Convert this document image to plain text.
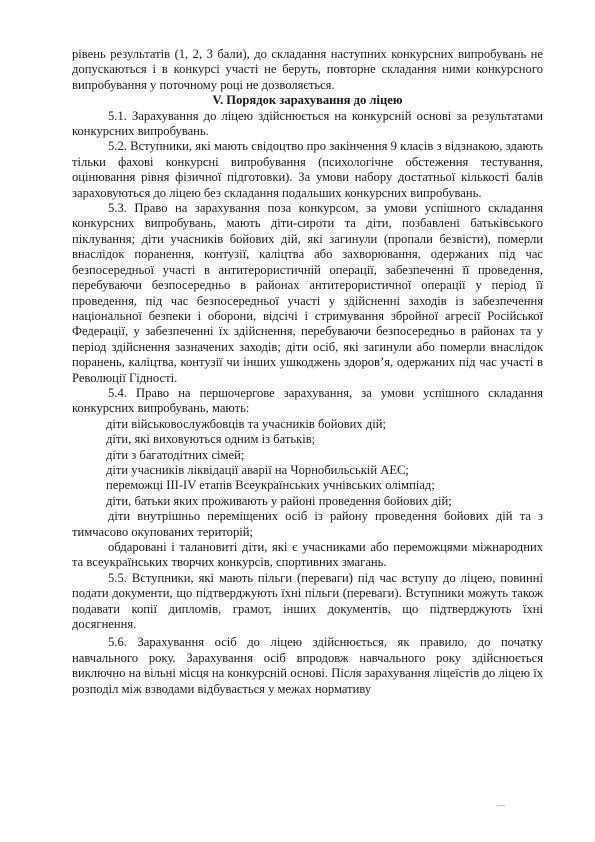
рівень результатів (1, 2, 3 бали), до складання наступних конкурсних випробувань не допускаються і в конкурсі участі не беруть, повторне складання ними конкурсного випробування у поточному році не дозволяється.

V. Порядок зарахування до ліцею

5.1. Зарахування до ліцею здійснюється на конкурсній основі за результатами конкурсних випробувань.

5.2. Вступники, які мають свідоцтво про закінчення 9 класів з відзнакою, здають тільки фахові конкурсні випробування (психологічне обстеження тестування, оцінювання рівня фізичної підготовки). За умови набору достатньої кількості балів зараховуються до ліцею без складання подальших конкурсних випробувань.

5.3. Право на зарахування поза конкурсом, за умови успішного складання конкурсних випробувань, мають діти-сироти та діти, позбавлені батьківського піклування; діти учасників бойових дій, які загинули (пропали безвісти), померли внаслідок поранення, контузії, каліцтва або захворювання, одержаних під час безпосередньої участі в антитерористичній операції, забезпеченні її проведення, перебуваючи безпосередньо в районах антитерористичної операції у період її проведення, під час безпосередньої участі у здійсненні заходів із забезпечення національної безпеки і оборони, відсічі і стримування збройної агресії Російської Федерації, у забезпеченні їх здійснення, перебуваючи безпосередньо в районах та у період здійснення зазначених заходів; діти осіб, які загинули або померли внаслідок поранень, каліцтва, контузії чи інших ушкоджень здоров’я, одержаних під час участі в Революції Гідності.

5.4. Право на першочергове зарахування, за умови успішного складання конкурсних випробувань, мають:

діти військовослужбовців та учасників бойових дій;

діти, які виховуються одним із батьків;

діти з багатодітних сімей;

діти учасників ліквідації аварії на Чорнобильській АЕС;

переможці III-IV етапів Всеукраїнських учнівських олімпіад;

діти, батьки яких проживають у районі проведення бойових дій;

діти внутрішньо переміщених осіб із району проведення бойових дій та з тимчасово окупованих територій;

обдаровані і талановиті діти, які є учасниками або переможцями міжнародних та всеукраїнських творчих конкурсів, спортивних змагань.

5.5. Вступники, які мають пільги (переваги) під час вступу до ліцею, повинні подати документи, що підтверджують їхні пільги (переваги). Вступники можуть також подавати копії дипломів, грамот, інших документів, що підтверджують їхні досягнення.

5.6. Зарахування осіб до ліцею здійснюється, як правило, до початку навчального року. Зарахування осіб впродовж навчального року здійснюється виключно на вільні місця на конкурсній основі. Після зарахування ліцеїстів до ліцею їх розподіл між взводами відбувається у межах нормативу
